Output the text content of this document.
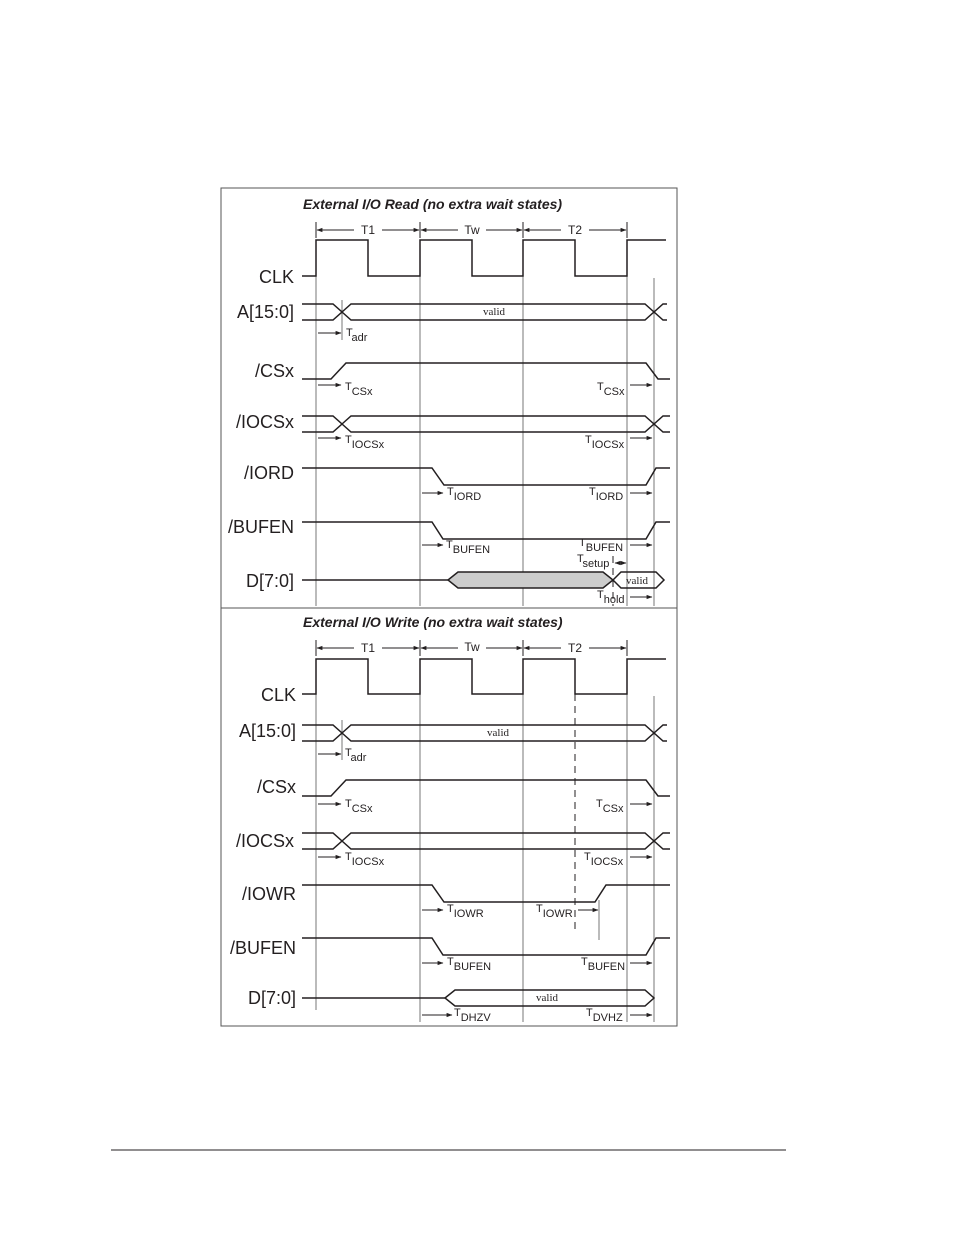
External I/O Read (no extra wait states)
T1	Tw	T2
CLK
A[15:0]
/CSx
/IOCSx
/IORD
/BUFEN
D[7:0]
valid
valid
Tadr
TCSx	TCSx
TIOCSx	TIOCSx
TIORD	TIORD
TBUFEN
TBUFEN
Tsetup
Thold
External I/O Write (no extra wait states)
T1	Tw	T2
CLK
A[15:0]
/CSx
/IOCSx
/IOWR
/BUFEN
D[7:0]
valid
valid
Tadr
TCSx	TCSx
TIOCSx	TIOCSx
TIOWR	TIOWR
TBUFEN	TBUFEN
TDHZV	TDVHZ
